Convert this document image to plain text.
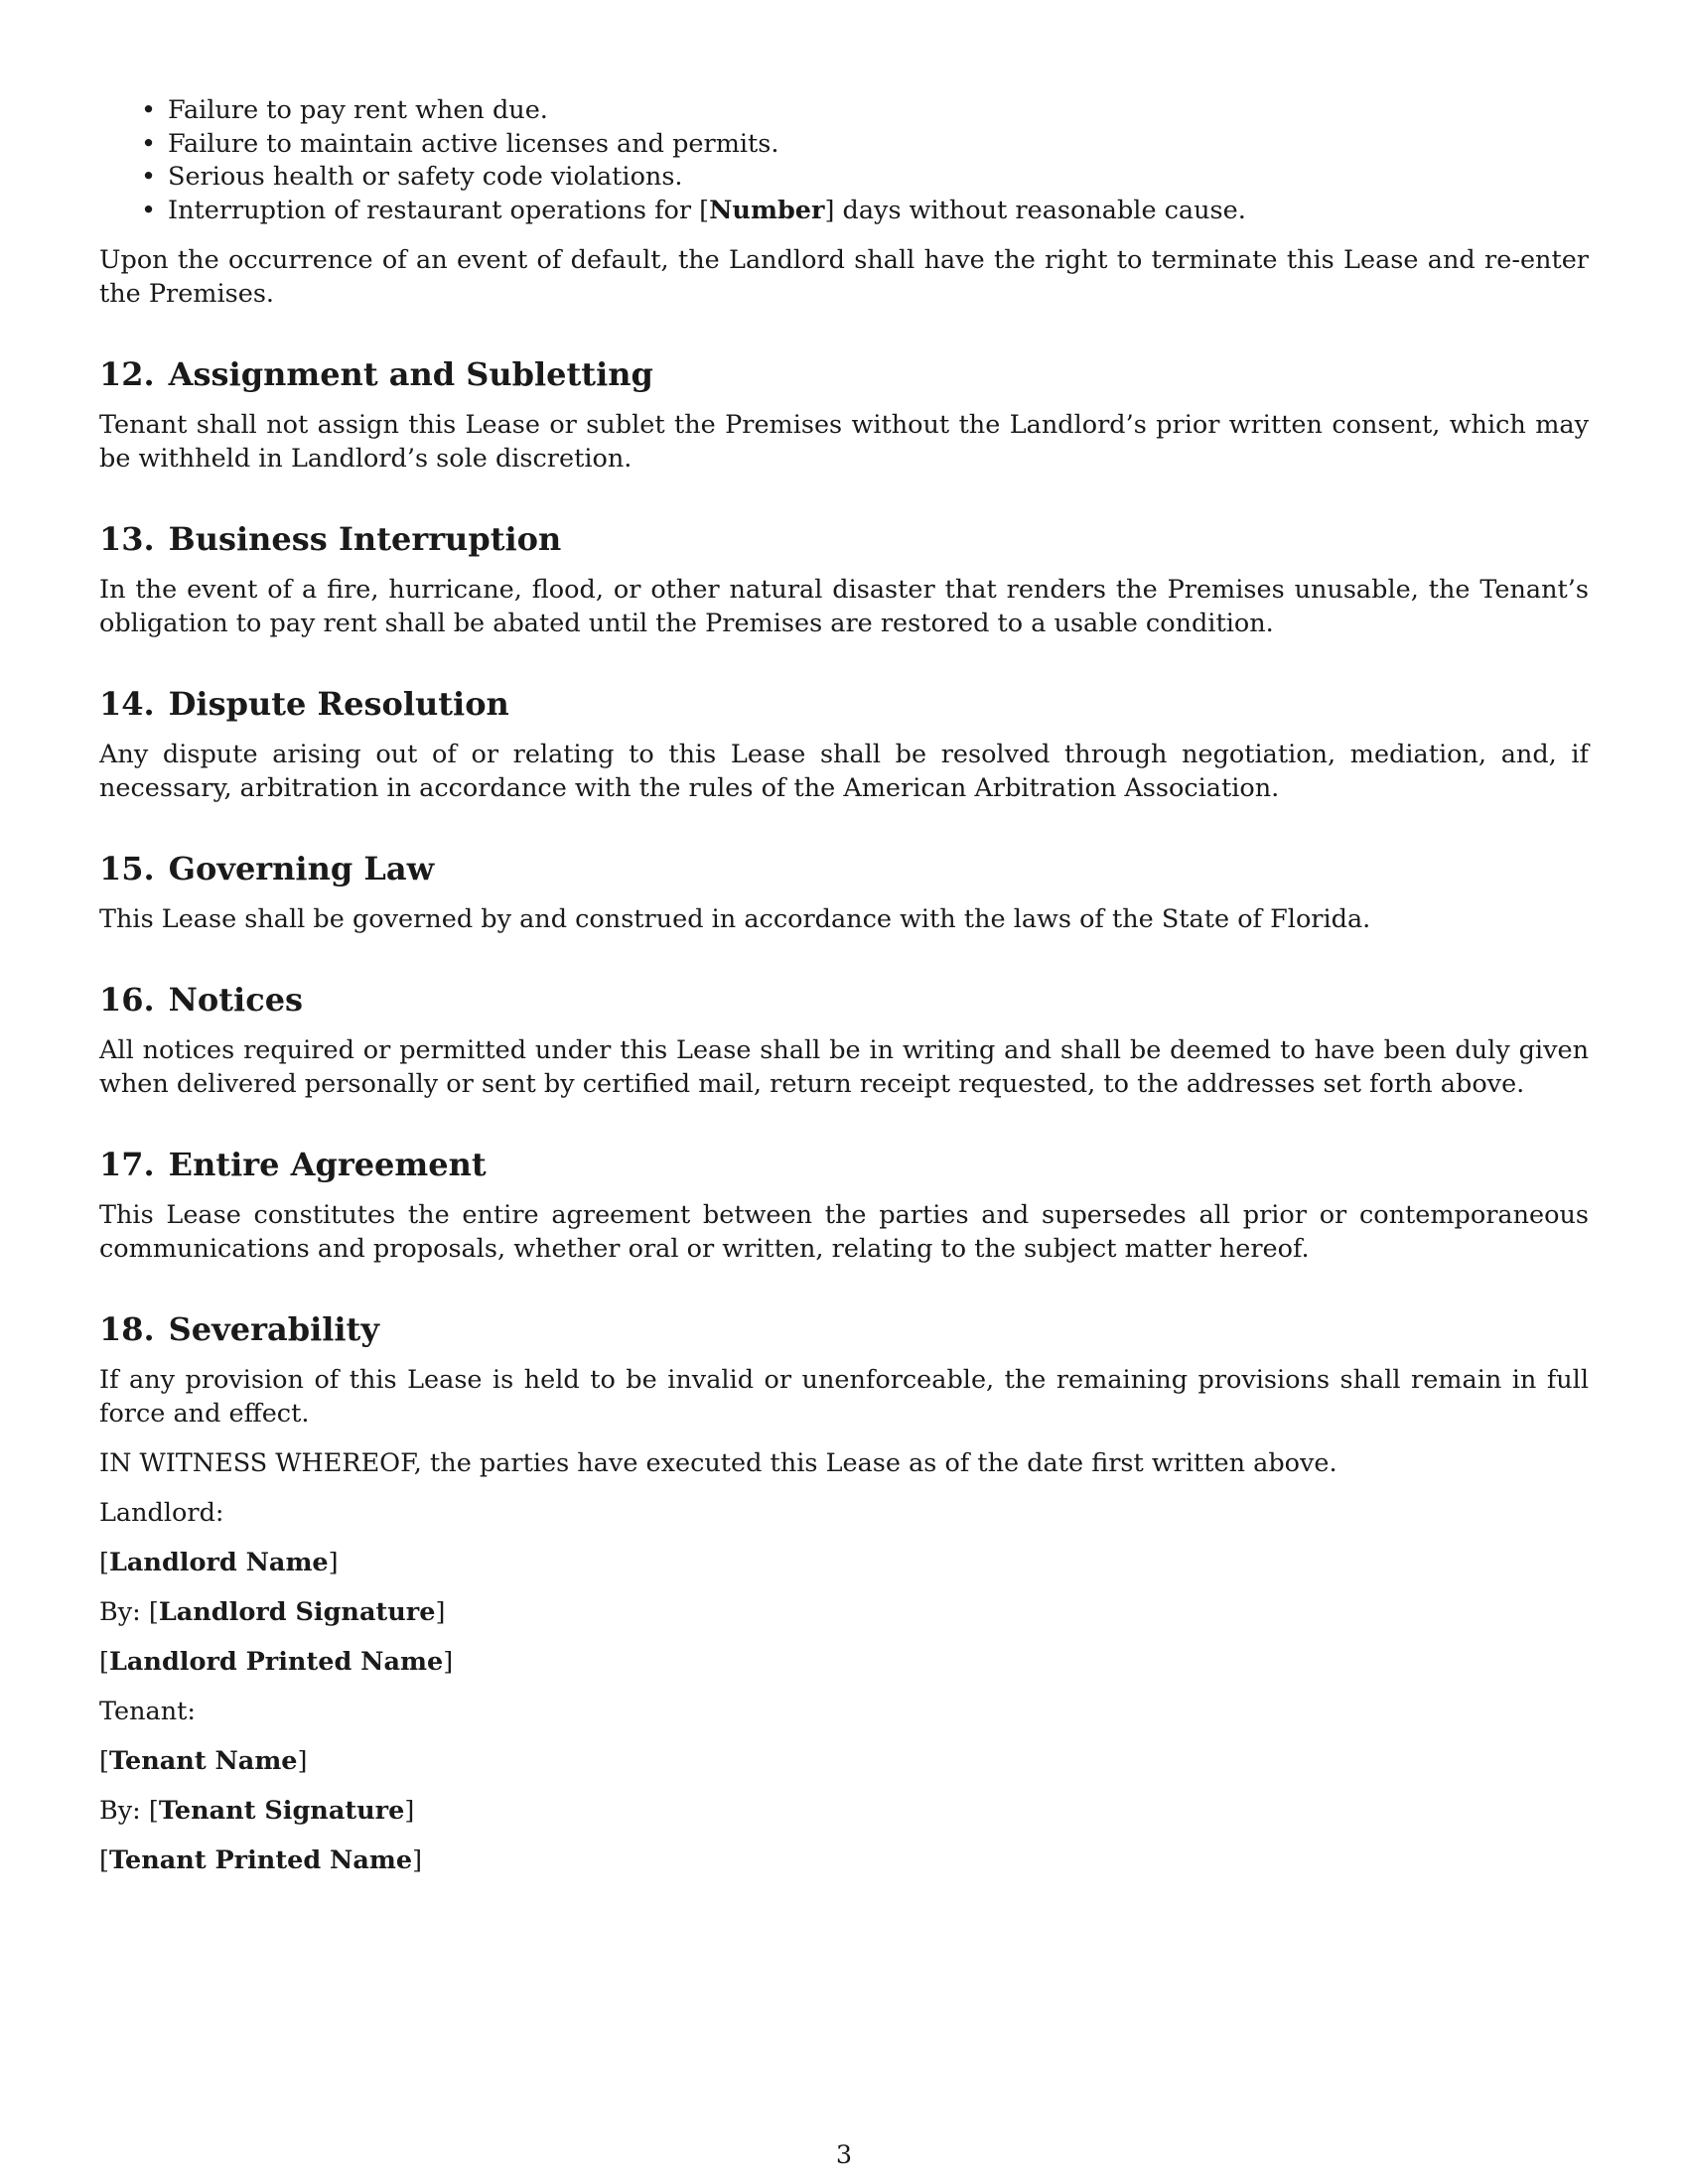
• Failure to pay rent when due.
• Failure to maintain active licenses and permits.
• Serious health or safety code violations.
• Interruption of restaurant operations for [Number] days without reasonable cause.

Upon the occurrence of an event of default, the Landlord shall have the right to terminate this Lease and re-enter the Premises.

12. Assignment and Subletting

Tenant shall not assign this Lease or sublet the Premises without the Landlord’s prior written consent, which may be withheld in Landlord’s sole discretion.

13. Business Interruption

In the event of a fire, hurricane, flood, or other natural disaster that renders the Premises unusable, the Tenant’s obligation to pay rent shall be abated until the Premises are restored to a usable condition.

14. Dispute Resolution

Any dispute arising out of or relating to this Lease shall be resolved through negotiation, mediation, and, if necessary, arbitration in accordance with the rules of the American Arbitration Association.

15. Governing Law

This Lease shall be governed by and construed in accordance with the laws of the State of Florida.

16. Notices

All notices required or permitted under this Lease shall be in writing and shall be deemed to have been duly given when delivered personally or sent by certified mail, return receipt requested, to the addresses set forth above.

17. Entire Agreement

This Lease constitutes the entire agreement between the parties and supersedes all prior or contemporaneous communications and proposals, whether oral or written, relating to the subject matter hereof.

18. Severability

If any provision of this Lease is held to be invalid or unenforceable, the remaining provisions shall remain in full force and effect.

IN WITNESS WHEREOF, the parties have executed this Lease as of the date first written above.

Landlord:

[Landlord Name]

By: [Landlord Signature]

[Landlord Printed Name]

Tenant:

[Tenant Name]

By: [Tenant Signature]

[Tenant Printed Name]

3
